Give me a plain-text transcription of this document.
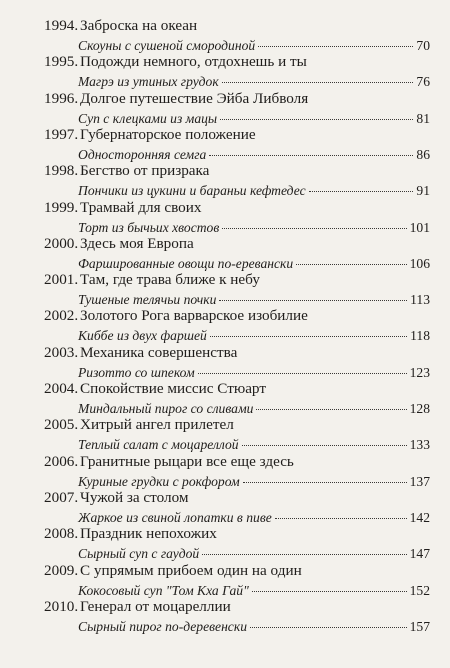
1994. Заброска на океан
Скоуны с сушеной смородиной	70
1995. Подожди немного, отдохнешь и ты
Магрэ из утиных грудок	76
1996. Долгое путешествие Эйба Либволя
Суп с клецками из мацы	81
1997. Губернаторское положение
Односторонняя семга	86
1998. Бегство от призрака
Пончики из цукини и бараньи кефтедес	91
1999. Трамвай для своих
Торт из бычьих хвостов	101
2000. Здесь моя Европа
Фаршированные овощи по-еревански	106
2001. Там, где трава ближе к небу
Тушеные телячьи почки	113
2002. Золотого Рога варварское изобилие
Киббе из двух фаршей	118
2003. Механика совершенства
Ризотто со шпеком	123
2004. Спокойствие миссис Стюарт
Миндальный пирог со сливами	128
2005. Хитрый ангел прилетел
Теплый салат с моцареллой	133
2006. Гранитные рыцари все еще здесь
Куриные грудки с рокфором	137
2007. Чужой за столом
Жаркое из свиной лопатки в пиве	142
2008. Праздник непохожих
Сырный суп с гаудой	147
2009. С упрямым прибоем один на один
Кокосовый суп "Том Кха Гай"	152
2010. Генерал от моцареллии
Сырный пирог по-деревенски	157
